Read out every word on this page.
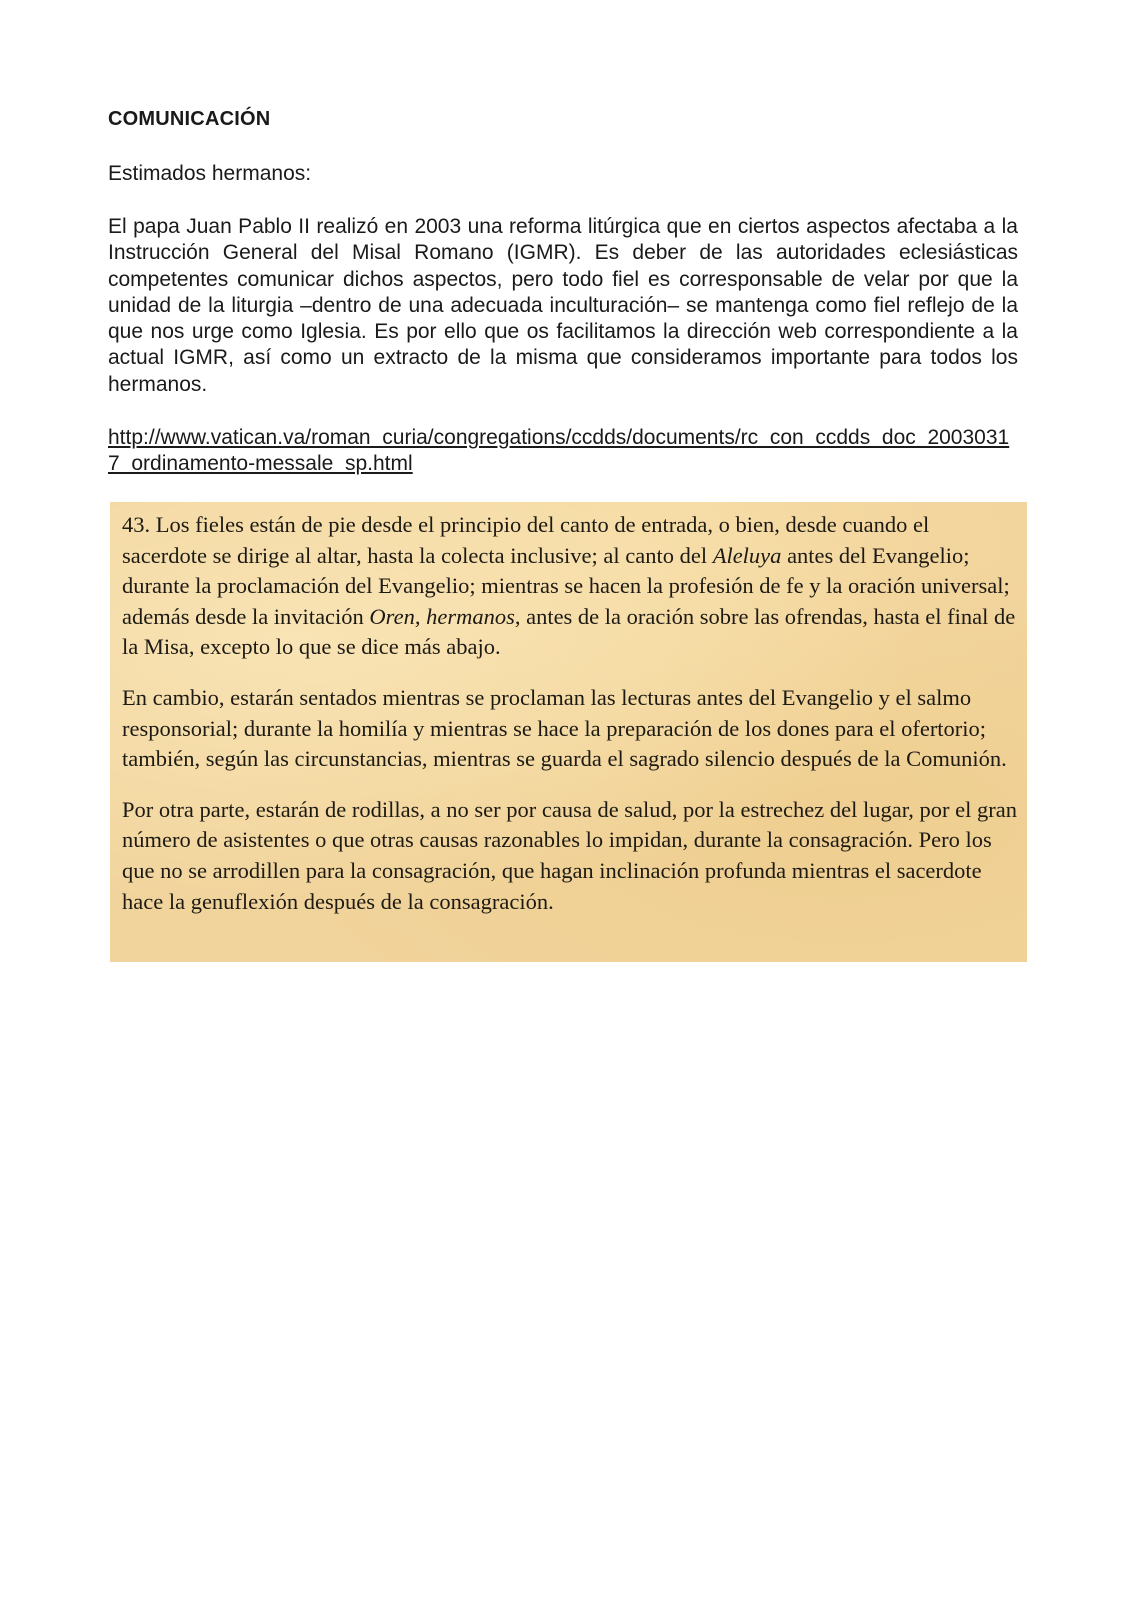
COMUNICACIÓN
Estimados hermanos:

El papa Juan Pablo II realizó en 2003 una reforma litúrgica que en ciertos aspectos afectaba a la Instrucción General del Misal Romano (IGMR). Es deber de las autoridades eclesiásticas competentes comunicar dichos aspectos, pero todo fiel es corresponsable de velar por que la unidad de la liturgia –dentro de una adecuada inculturación– se mantenga como fiel reflejo de la que nos urge como Iglesia. Es por ello que os facilitamos la dirección web correspondiente a la actual IGMR, así como un extracto de la misma que consideramos importante para todos los hermanos.

http://www.vatican.va/roman_curia/congregations/ccdds/documents/rc_con_ccdds_doc_20030317_ordinamento-messale_sp.html

43. Los fieles están de pie desde el principio del canto de entrada, o bien, desde cuando el sacerdote se dirige al altar, hasta la colecta inclusive; al canto del Aleluya antes del Evangelio; durante la proclamación del Evangelio; mientras se hacen la profesión de fe y la oración universal; además desde la invitación Oren, hermanos, antes de la oración sobre las ofrendas, hasta el final de la Misa, excepto lo que se dice más abajo.

En cambio, estarán sentados mientras se proclaman las lecturas antes del Evangelio y el salmo responsorial; durante la homilía y mientras se hace la preparación de los dones para el ofertorio; también, según las circunstancias, mientras se guarda el sagrado silencio después de la Comunión.

Por otra parte, estarán de rodillas, a no ser por causa de salud, por la estrechez del lugar, por el gran número de asistentes o que otras causas razonables lo impidan, durante la consagración. Pero los que no se arrodillen para la consagración, que hagan inclinación profunda mientras el sacerdote hace la genuflexión después de la consagración.
